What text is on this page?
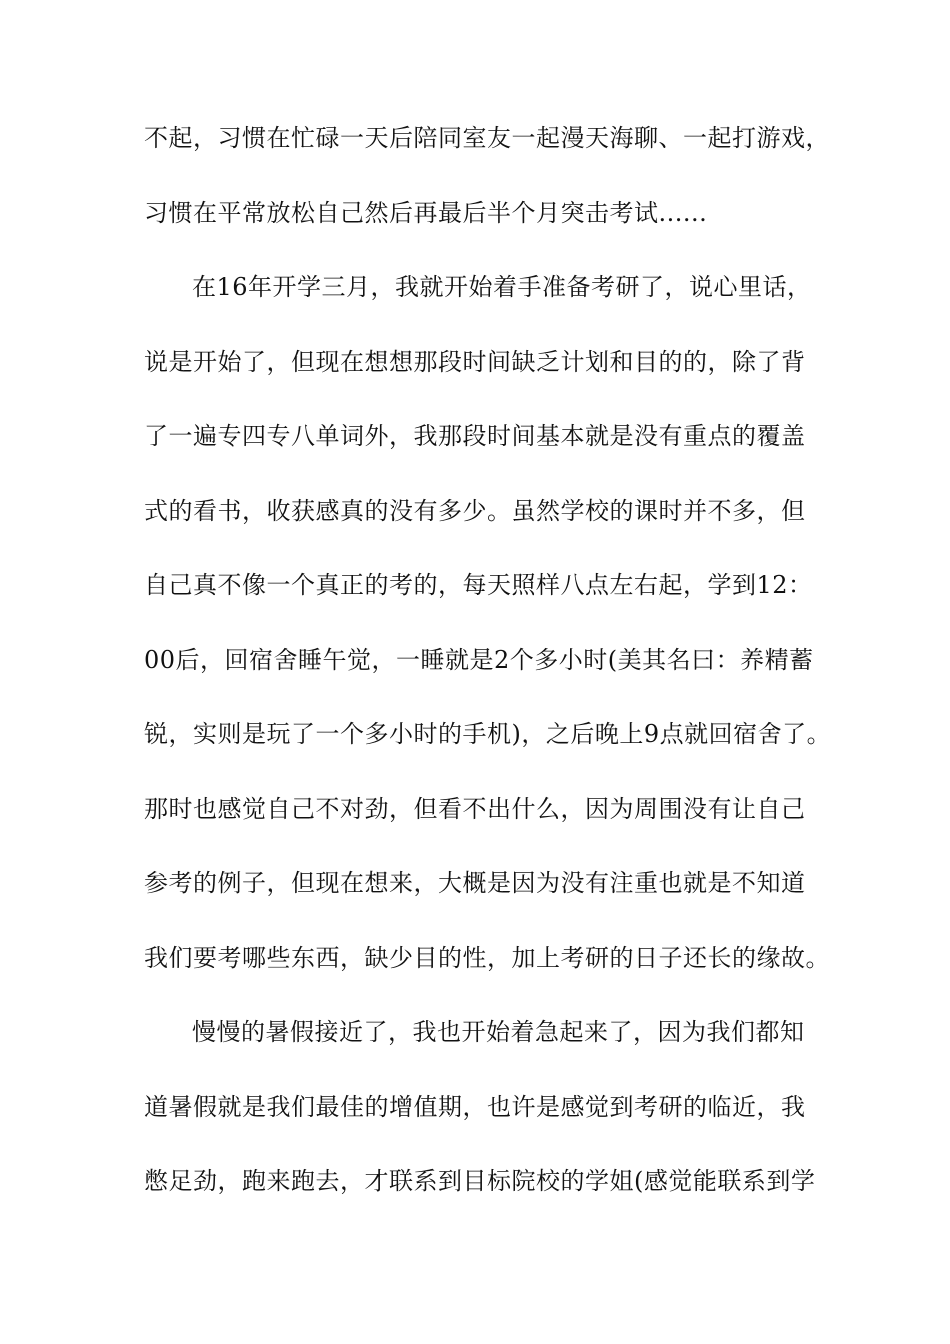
不起，习惯在忙碌一天后陪同室友一起漫天海聊、一起打游戏，
习惯在平常放松自己然后再最后半个月突击考试......
在16年开学三月，我就开始着手准备考研了，说心里话，
说是开始了，但现在想想那段时间缺乏计划和目的的，除了背
了一遍专四专八单词外，我那段时间基本就是没有重点的覆盖
式的看书，收获感真的没有多少。虽然学校的课时并不多，但
自己真不像一个真正的考的，每天照样八点左右起，学到12：
00后，回宿舍睡午觉，一睡就是2个多小时(美其名曰：养精蓄
锐，实则是玩了一个多小时的手机)，之后晚上9点就回宿舍了。
那时也感觉自己不对劲，但看不出什么，因为周围没有让自己
参考的例子，但现在想来，大概是因为没有注重也就是不知道
我们要考哪些东西，缺少目的性，加上考研的日子还长的缘故。
慢慢的暑假接近了，我也开始着急起来了，因为我们都知
道暑假就是我们最佳的增值期，也许是感觉到考研的临近，我
憋足劲，跑来跑去，才联系到目标院校的学姐(感觉能联系到学
